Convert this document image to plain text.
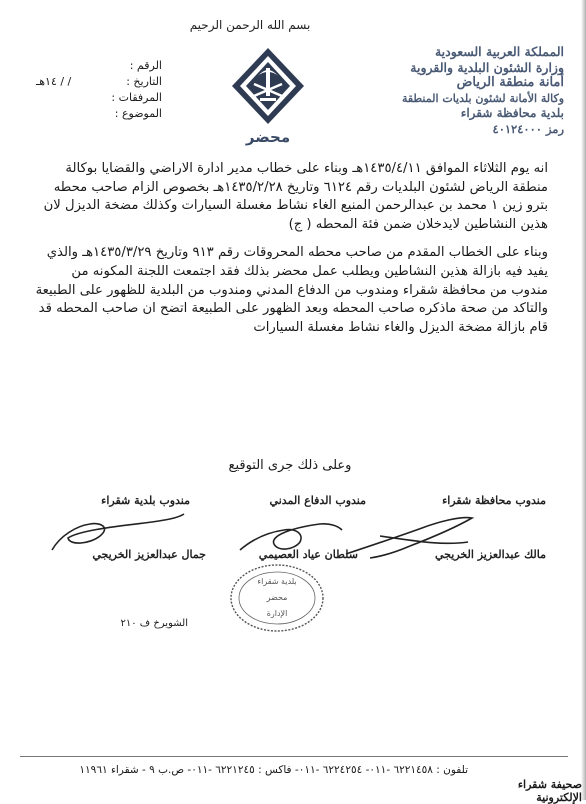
بسم الله الرحمن الرحيم
المملكة العربية السعودية
وزارة الشئون البلدية والقروية
أمانة منطقة الرياض
وكالة الأمانة لشئون بلديات المنطقة
بلدية محافظة شقراء
رمز ٤٠١٢٤٠٠٠
محضر
الرقم :
التاريخ :
/ / ١٤هـ
المرفقات :
الموضوع :

انه يوم الثلاثاء الموافق ١٤٣٥/٤/١١هـ وبناء على خطاب مدير ادارة الاراضي والقضايا بوكالة منطقة الرياض لشئون البلديات رقم ٦١٢٤ وتاريخ ١٤٣٥/٢/٢٨هـ بخصوص الزام صاحب محطه بترو زين ١ محمد بن عبدالرحمن المنيع الغاء نشاط مغسلة السيارات وكذلك مضخة الديزل لان هذين النشاطين لايدخلان ضمن فئة المحطه ( ج)

وبناء على الخطاب المقدم من صاحب محطه المحروقات رقم ٩١٣ وتاريخ ١٤٣٥/٣/٢٩هـ والذي يفيد فيه بازالة هذين النشاطين ويطلب عمل محضر بذلك فقد اجتمعت اللجنة المكونه من مندوب من محافظة شقراء ومندوب من الدفاع المدني ومندوب من البلدية للظهور على الطبيعة والتاكد من صحة ماذكره صاحب المحطه وبعد الظهور على الطبيعة اتضح ان صاحب المحطه قد قام بازالة مضخة الديزل والغاء نشاط مغسلة السيارات

وعلى ذلك جرى التوقيع
مندوب محافظة شقراء
مندوب الدفاع المدني
مندوب بلدية شقراء
مالك عبدالعزيز الخريجي
سلطان عياد العصيمي
جمال عبدالعزيز الخريجي
بلدية شقراء
محضر
الإدارة
الشويرخ ف ٢١٠
تلفون : ٦٢٢١٤٥٨ -٠١١- ٦٢٢٤٢٥٤ -٠١١- فاكس : ٦٢٢١٢٤٥ -٠١١- ص.ب ٩ - شقراء ١١٩٦١
صحيفة شقراء الإلكترونية
